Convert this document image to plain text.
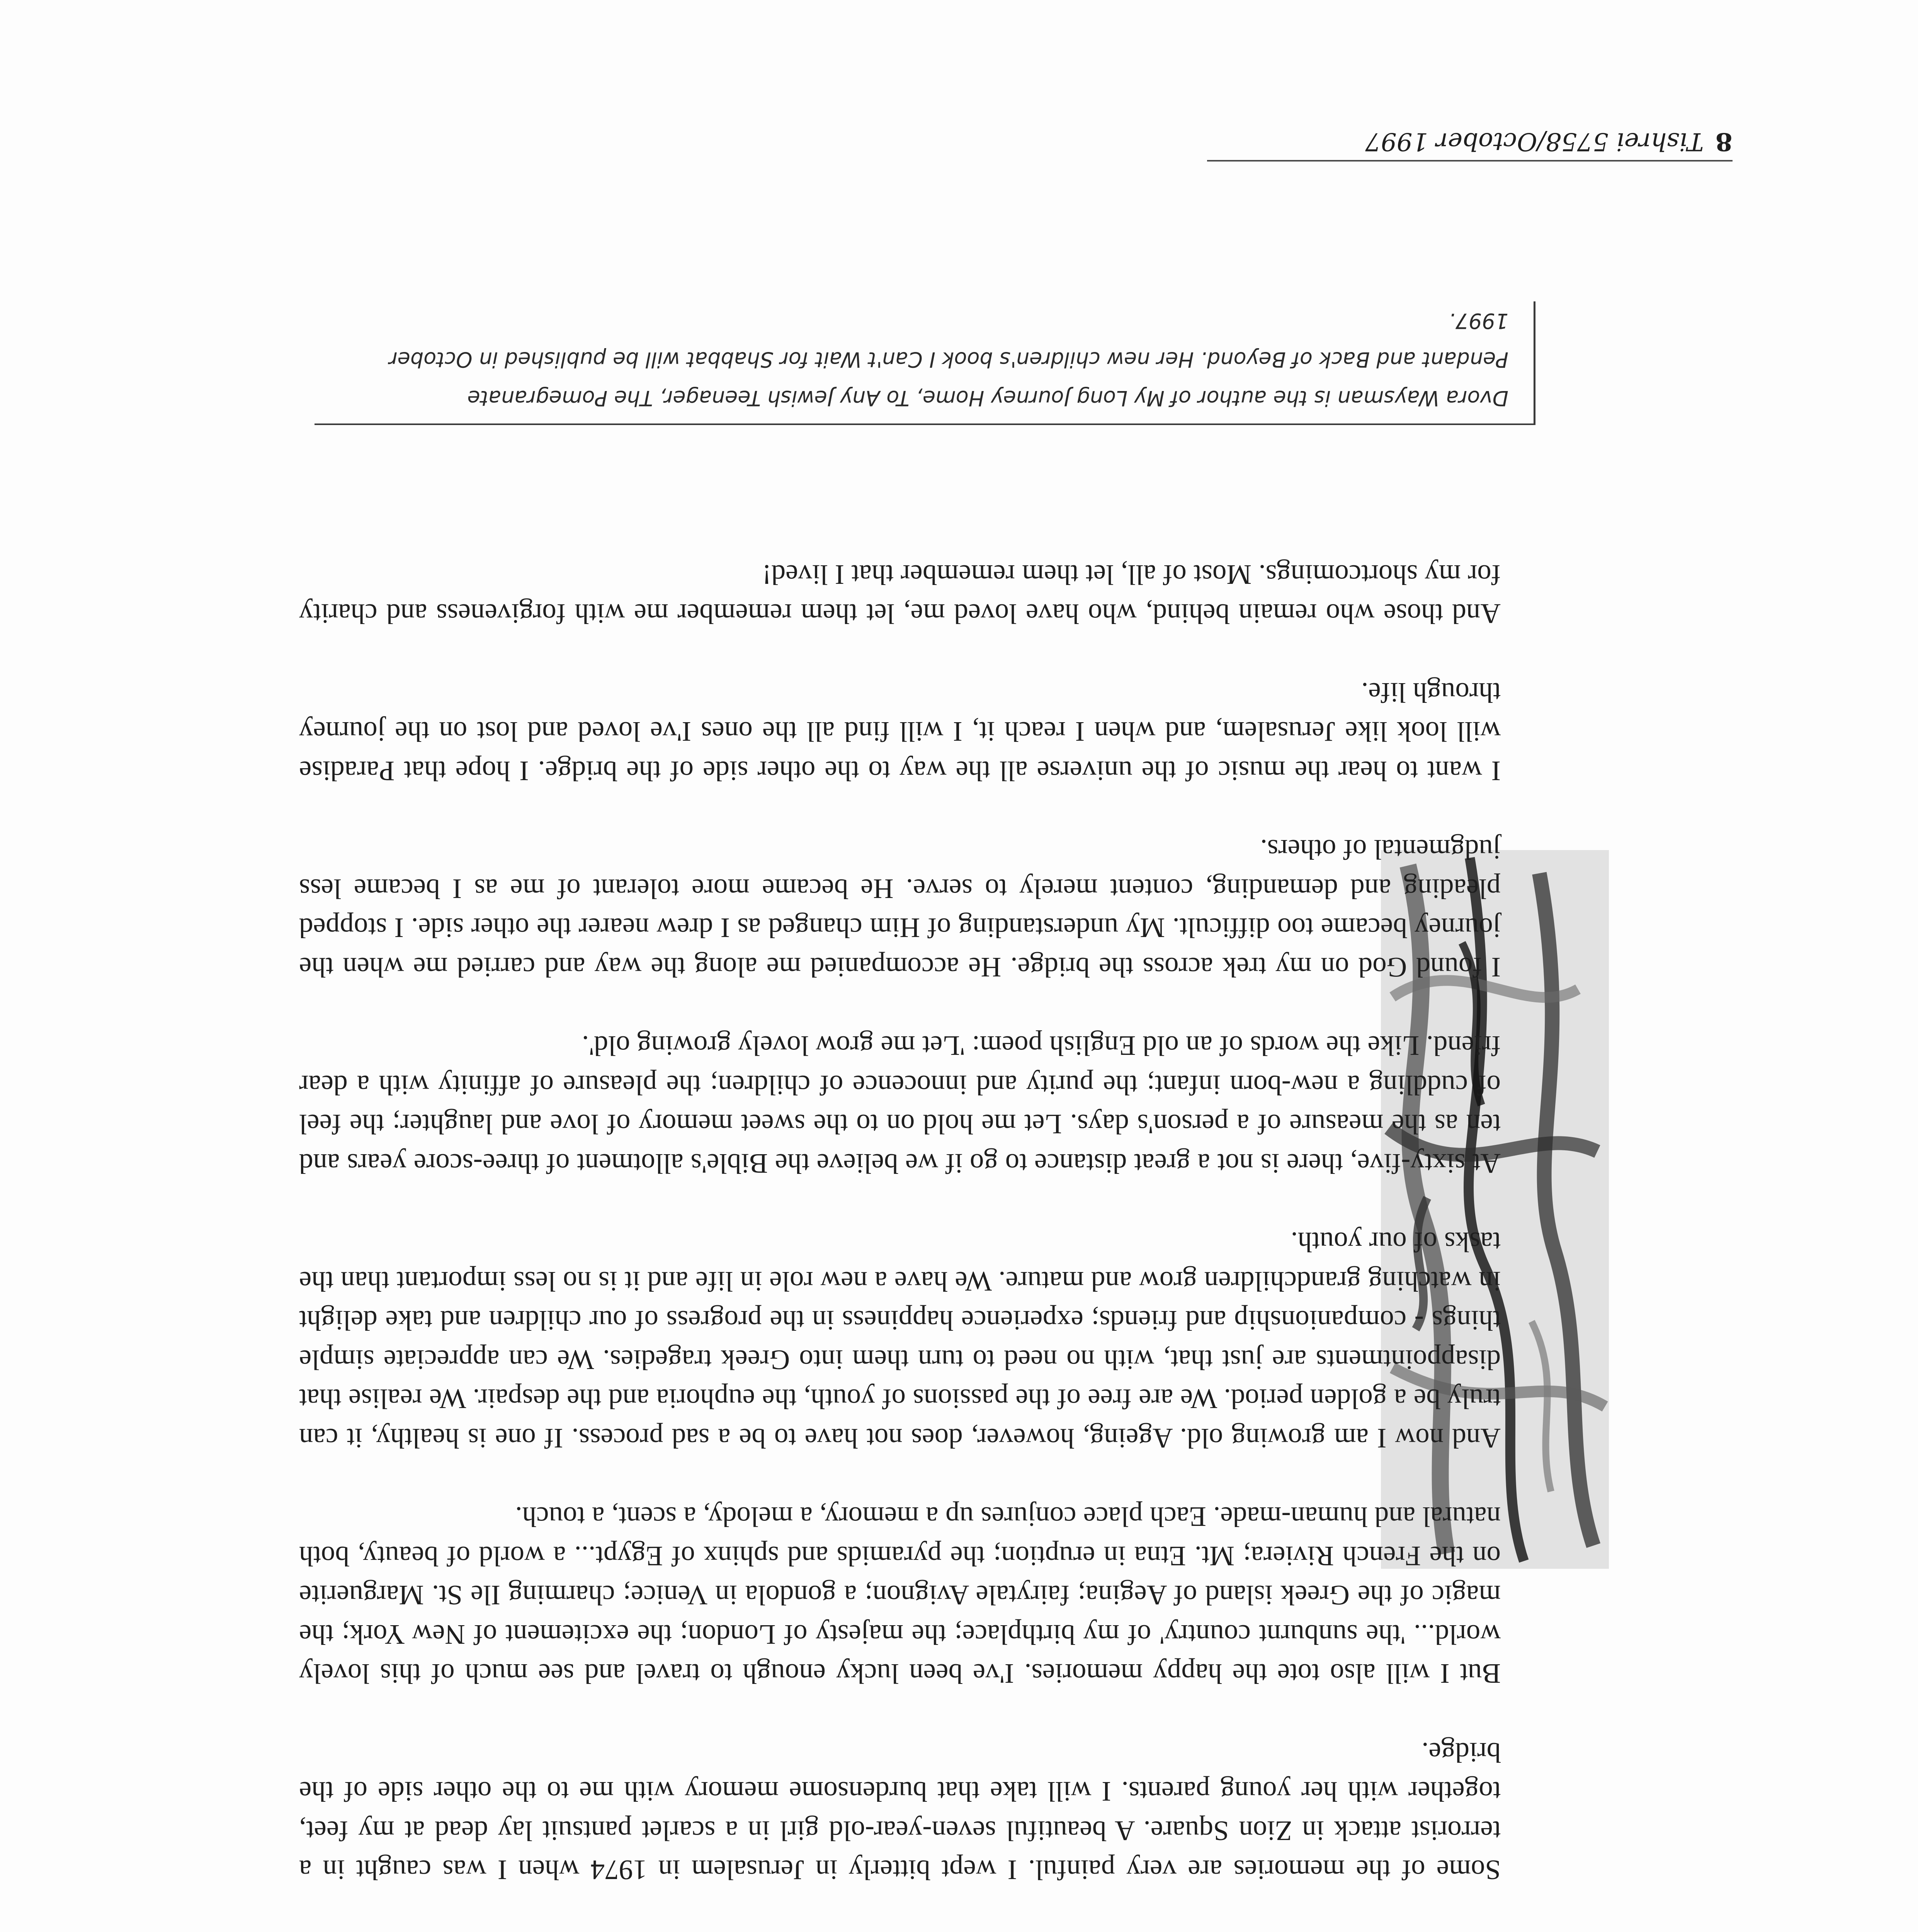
Some of the memories are very painful. I wept bitterly in Jerusalem in 1974 when I was caught in a terrorist attack in Zion Square. A beautiful seven-year-old girl in a scarlet pantsuit lay dead at my feet, together with her young parents. I will take that burdensome memory with me to the other side of the bridge.

But I will also tote the happy memories. I've been lucky enough to travel and see much of this lovely world... 'the sunburnt country' of my birthplace; the majesty of London; the excitement of New York; the magic of the Greek island of Aegina; fairytale Avignon; a gondola in Venice; charming Ile St. Marguerite on the French Riviera; Mt. Etna in eruption; the pyramids and sphinx of Egypt... a world of beauty, both natural and human-made. Each place conjures up a memory, a melody, a scent, a touch.

And now I am growing old. Ageing, however, does not have to be a sad process. If one is healthy, it can truly be a golden period. We are free of the passions of youth, the euphoria and the despair. We realise that disappointments are just that, with no need to turn them into Greek tragedies. We can appreciate simple things - companionship and friends; experience happiness in the progress of our children and take delight in watching grandchildren grow and mature. We have a new role in life and it is no less important than the tasks of our youth.

At sixty-five, there is not a great distance to go if we believe the Bible's allotment of three-score years and ten as the measure of a person's days. Let me hold on to the sweet memory of love and laughter; the feel of cuddling a new-born infant; the purity and innocence of children; the pleasure of affinity with a dear friend. Like the words of an old English poem: 'Let me grow lovely growing old'.

I found God on my trek across the bridge. He accompanied me along the way and carried me when the journey became too difficult. My understanding of Him changed as I drew nearer the other side. I stopped pleading and demanding, content merely to serve. He became more tolerant of me as I became less judgmental of others.

I want to hear the music of the universe all the way to the other side of the bridge. I hope that Paradise will look like Jerusalem, and when I reach it, I will find all the ones I've loved and lost on the journey through life.

And those who remain behind, who have loved me, let them remember me with forgiveness and charity for my shortcomings. Most of all, let them remember that I lived!

Dvora Waysman is the author of My Long Journey Home, To Any Jewish Teenager, The Pomegranate Pendant and Back of Beyond. Her new children's book I Can't Wait for Shabbat will be published in October 1997.
8Tishrei 5758/October 1997
